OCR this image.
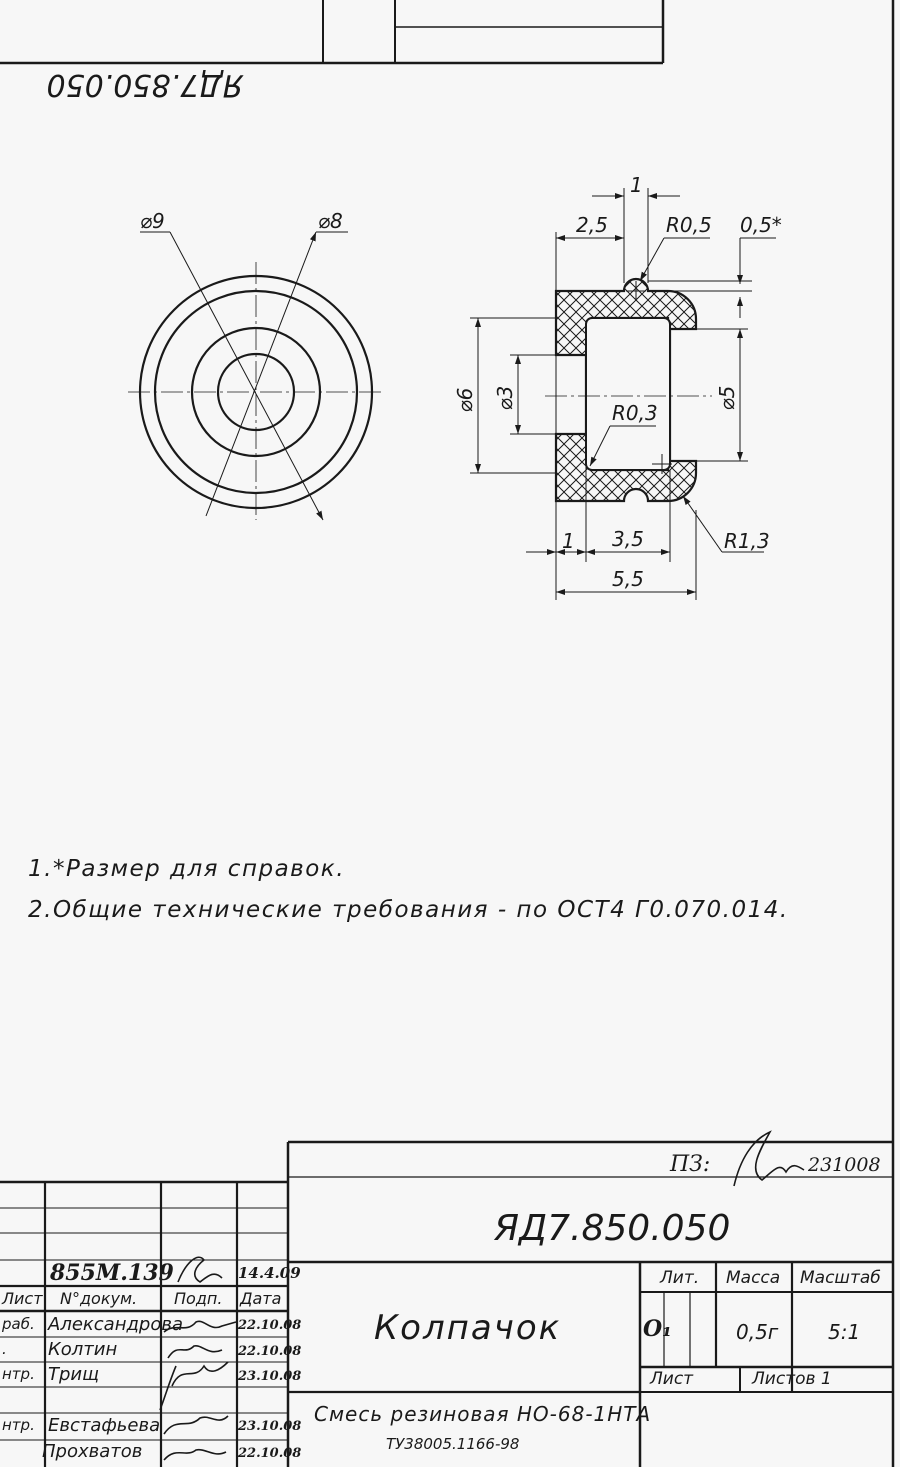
ЯД7.850.050
⌀9	⌀8
1
2,5	R0,5 0,5*
⌀6 ⌀3
R0,3
⌀5
1 3,5	R1,3
5,5
1.*Размер для справок.
2.Общие технические требования - по ОСТ4 Г0.070.014.
ПЗ:	231008
ЯД7.850.050
Колпачок
Смесь резиновая НО-68-1НТА
ТУ38005.1166-98
Лит. Масса Масштаб
О₁	0,5г 5:1
Лист	Листов 1
855М.139	14.4.09
Лист N°докум. Подп. Дата
раб. Александрова	22.10.08
. Колтин	22.10.08
нтр. Трищ	23.10.08
нтр. Евстафьева	23.10.08
Прохватов	22.10.08
